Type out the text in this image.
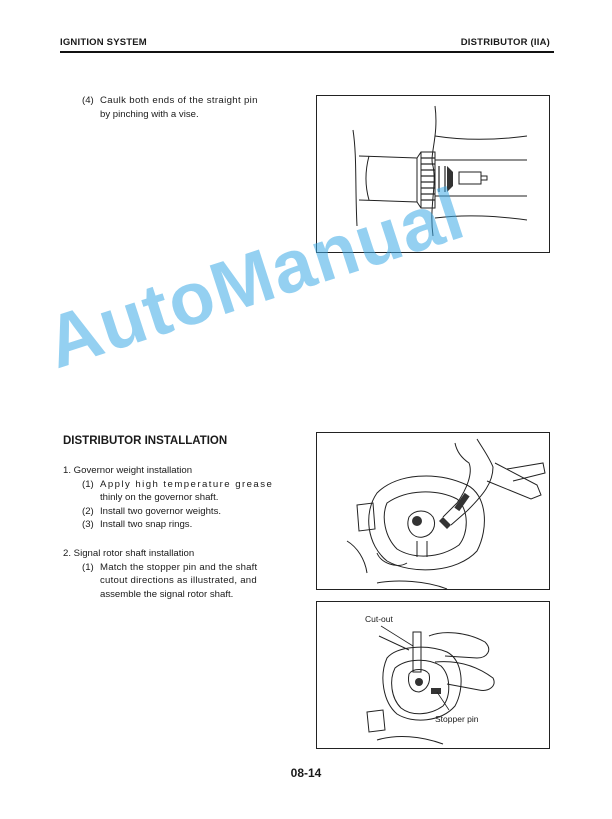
IGNITION SYSTEM	DISTRIBUTOR (IIA)
(4) Caulk both ends of the straight pin
by pinching with a vise.
AutoManual
DISTRIBUTOR INSTALLATION
1. Governor weight installation
(1) Apply high temperature grease
thinly on the governor shaft.
(2) Install two governor weights.
(3) Install two snap rings.
2. Signal rotor shaft installation
(1) Match the stopper pin and the shaft
cutout directions as illustrated, and
assemble the signal rotor shaft.
Cut-out
Stopper pin
08-14
